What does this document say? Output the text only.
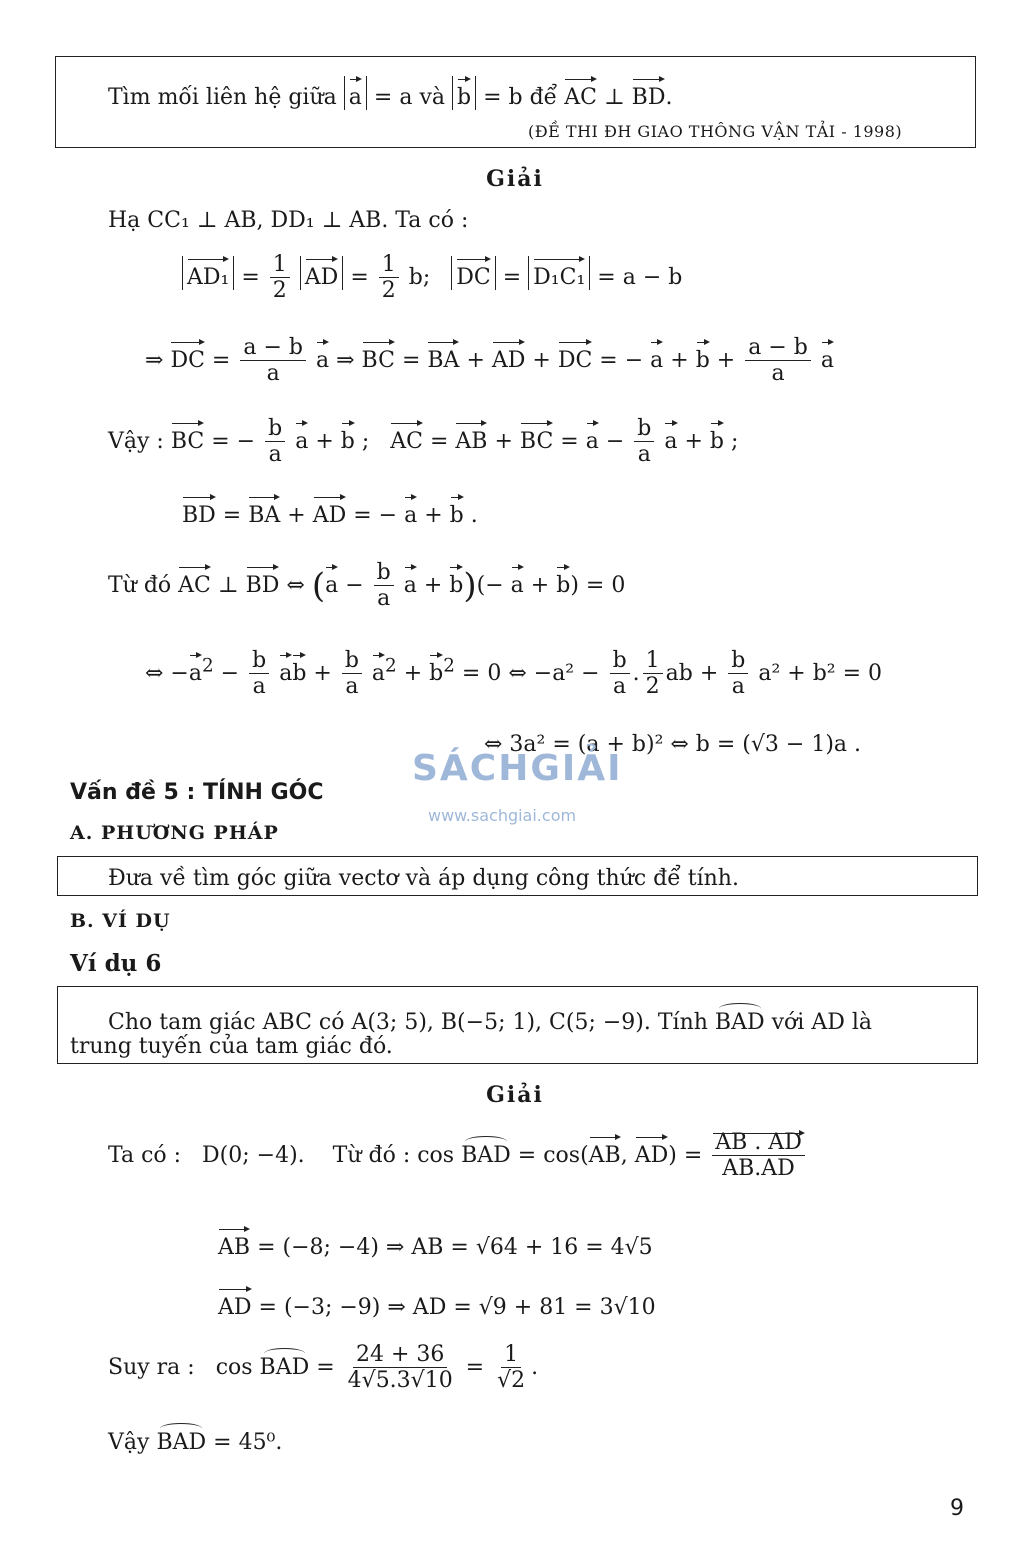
Tìm mối liên hệ giữa a = a và b = b để AC ⊥ BD.
(ĐỀ THI ĐH GIAO THÔNG VẬN TẢI - 1998)
Giải
Hạ CC₁ ⊥ AB, DD₁ ⊥ AB. Ta có :
$AD_1 = \frac{1}{2}$ AD = $\frac{1}{2} b$; DC = D₁C₁ = a − b
⇒ DC = $\frac{a - b}{a}$ a ⇒ BC = BA + AD + DC = − $a + b + \frac{a - b}{a}$ a
Vậy : BC = − $\frac{b}{a}$ a + b ;   AC = AB + BC = $a - \frac{b}{a}$ a + b ;
BD = BA + AD = − a + b .
Từ đó AC ⊥ BD ⇔ ($a - \frac{b}{a}$ a + b)(− a + b) = 0
⇔ $-a^2 - \frac{b}{a}$ ab + $\frac{b}{a} a^2 + b^2 = 0$ ⇔ $-a^2 - \frac{b}{a}$ . $\frac{1}{2}$ ab + $\frac{b}{a} a^2 + b^2 = 0$
⇔ 3a² = (a + b)² ⇔ b = (√3 − 1)a .
SÁCHGIẢI
www.sachgiai.com
Vấn đề 5 : TÍNH GÓC
A. PHƯƠNG PHÁP
Đưa về tìm góc giữa vectơ và áp dụng công thức để tính.
B. VÍ DỤ
Ví dụ 6
Cho tam giác ABC có A(3; 5), B(−5; 1), C(5; −9). Tính BAD với AD là
trung tuyến của tam giác đó.
Giải
Ta có : D(0; −4). Từ đó : cos BAD = cos(AB, $AD) = \frac{AB . AD}{AB.AD}$
AB = (−8; −4) ⇒ AB = √64 + 16 = 4√5
AD = (−3; −9) ⇒ AD = √9 + 81 = 3√10
Suy ra : cos BAD = $\frac{24 + 36}{4√5.3√10} = \frac{1}{√2}$ .
Vậy BAD = 45⁰.
9
